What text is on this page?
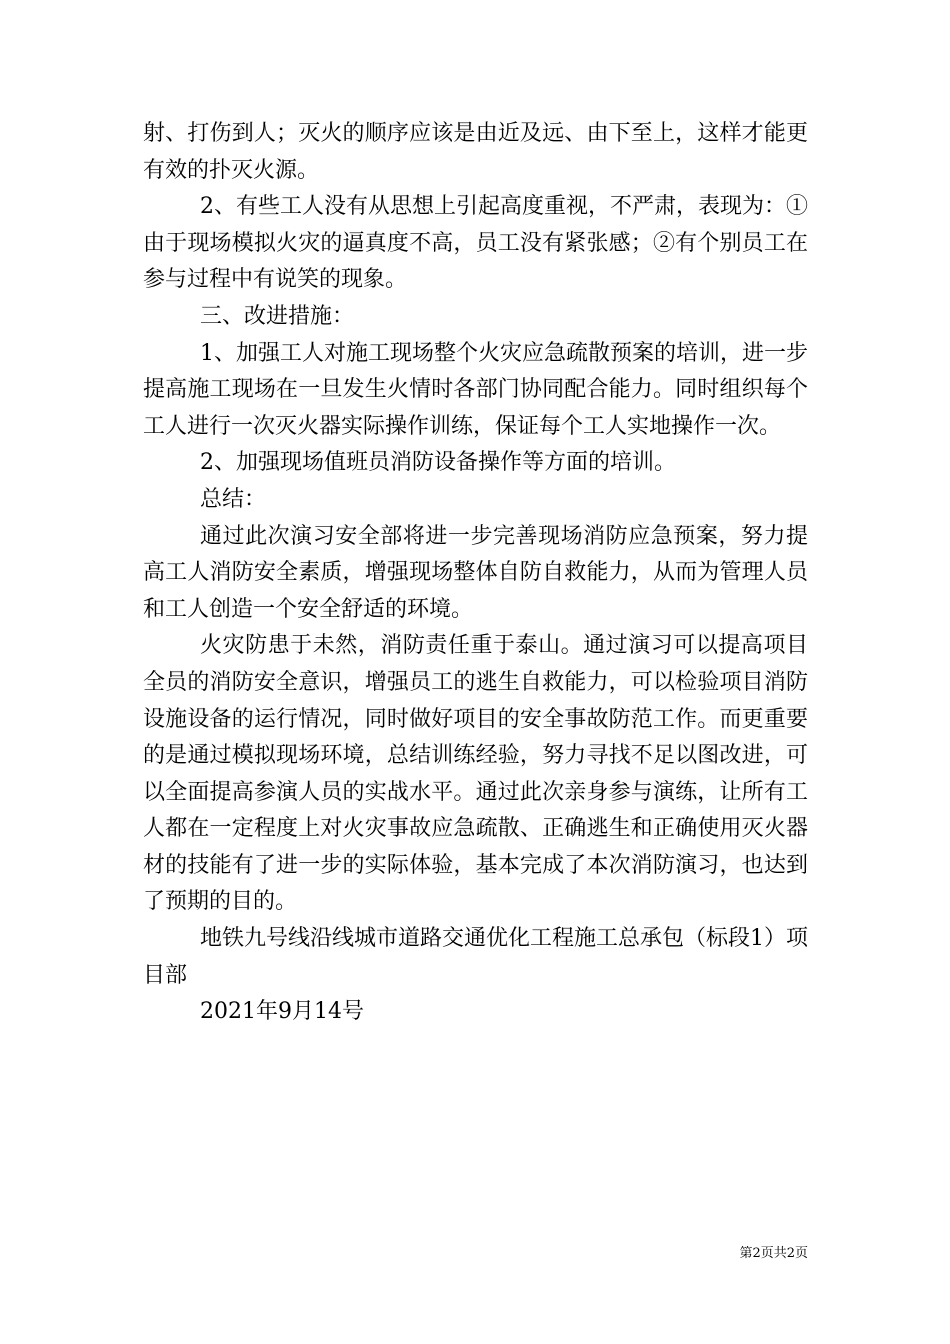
射、打伤到人；灭火的顺序应该是由近及远、由下至上，这样才能更有效的扑灭火源。

2、有些工人没有从思想上引起高度重视，不严肃，表现为：①由于现场模拟火灾的逼真度不高，员工没有紧张感；②有个别员工在参与过程中有说笑的现象。

三、改进措施：

1、加强工人对施工现场整个火灾应急疏散预案的培训，进一步提高施工现场在一旦发生火情时各部门协同配合能力。同时组织每个工人进行一次灭火器实际操作训练，保证每个工人实地操作一次。

2、加强现场值班员消防设备操作等方面的培训。

总结：

通过此次演习安全部将进一步完善现场消防应急预案，努力提高工人消防安全素质，增强现场整体自防自救能力，从而为管理人员和工人创造一个安全舒适的环境。

火灾防患于未然，消防责任重于泰山。通过演习可以提高项目全员的消防安全意识，增强员工的逃生自救能力，可以检验项目消防设施设备的运行情况，同时做好项目的安全事故防范工作。而更重要的是通过模拟现场环境，总结训练经验，努力寻找不足以图改进，可以全面提高参演人员的实战水平。通过此次亲身参与演练，让所有工人都在一定程度上对火灾事故应急疏散、正确逃生和正确使用灭火器材的技能有了进一步的实际体验，基本完成了本次消防演习，也达到了预期的目的。

地铁九号线沿线城市道路交通优化工程施工总承包（标段1）项目部

2021年9月14号

第2页共2页
